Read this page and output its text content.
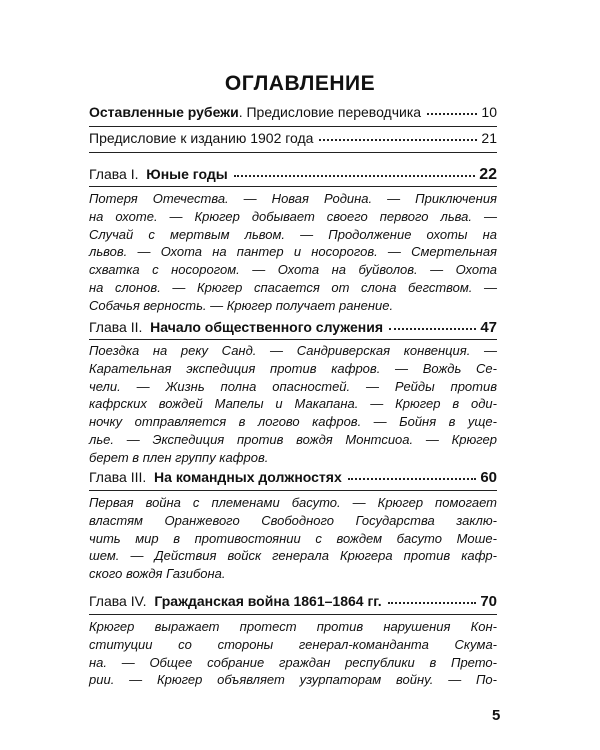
ОГЛАВЛЕНИЕ
Оставленные рубежи. Предисловие переводчика	10
Предисловие к изданию 1902 года	21
Глава I. Юные годы	22
Потеря Отечества. — Новая Родина. — Приключения
на охоте. — Крюгер добывает своего первого льва. —
Случай с мертвым львом. — Продолжение охоты на
львов. — Охота на пантер и носорогов. — Смертельная
схватка с носорогом. — Охота на буйволов. — Охота
на слонов. — Крюгер спасается от слона бегством. —
Собачья верность. — Крюгер получает ранение.
Глава II. Начало общественного служения	47
Поездка на реку Санд. — Сандриверская конвенция. —
Карательная экспедиция против кафров. — Вождь Се-
чели. — Жизнь полна опасностей. — Рейды против
кафрских вождей Мапелы и Макапана. — Крюгер в оди-
ночку отправляется в логово кафров. — Бойня в уще-
лье. — Экспедиция против вождя Монтсиоа. — Крюгер
берет в плен группу кафров.
Глава III. На командных должностях	60
Первая война с племенами басуто. — Крюгер помогает
властям Оранжевого Свободного Государства заклю-
чить мир в противостоянии с вождем басуто Мошe-
шем. — Действия войск генерала Крюгера против кафр-
ского вождя Газибона.
Глава IV. Гражданская война 1861–1864 гг.	70
Крюгер выражает протест против нарушения Кон-
ституции со стороны генерал-команданта Скума-
на. — Общее собрание граждан республики в Прето-
рии. — Крюгер объявляет узурпаторам войну. — По-
5
